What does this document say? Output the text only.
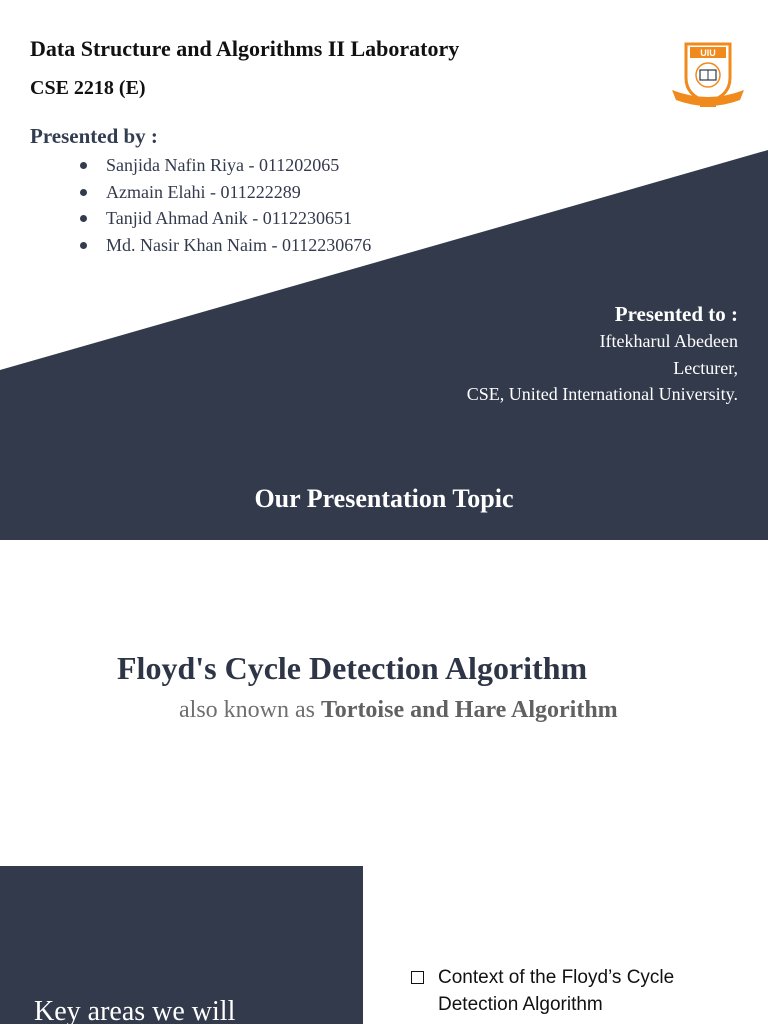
Data Structure and Algorithms II Laboratory
CSE 2218 (E)
UIU
Presented by :
Sanjida Nafin Riya - 011202065
Azmain Elahi - 011222289
Tanjid Ahmad Anik - 0112230651
Md. Nasir Khan Naim - 0112230676
Presented to :
Iftekharul Abedeen
Lecturer,
CSE, United International University.
Our Presentation Topic
Floyd's Cycle Detection Algorithm
also known as Tortoise and Hare Algorithm
Key areas we will
Context of the Floyd’s Cycle Detection Algorithm
